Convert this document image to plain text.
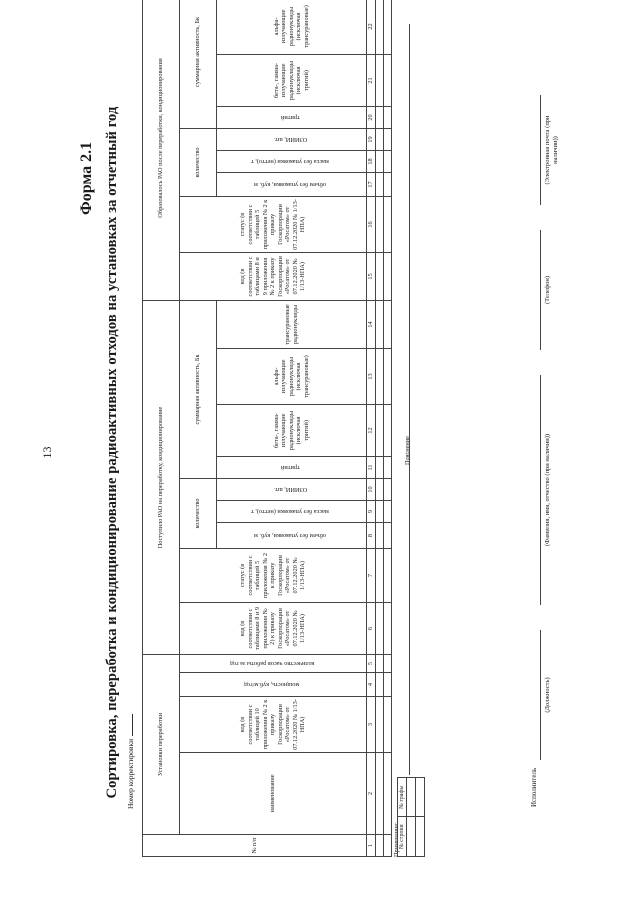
13
Форма 2.1 Сортировка, переработка и кондиционирование радиоактивных отходов на установках за отчетный год Номер корректировки
№ п/п	Установки переработки				Поступило РАО на переработку, кондиционирование									Образовалось РАО после переработки, кондиционирования								
	наименование	код (в соответствии с таблицей 10 приложения № 2 к приказу Госкорпорации «Росатом» от 07.12.2020 № 1/13-НПА)	мощность, куб.м/год	количество часов работы за год	код (в соответствии с таблицами 8 и 9 приложения № 2) к приказу Госкорпорации «Росатом» от 07.12.2020 № 1/13-НПА)	статус (в соответствии с таблицей 5 приложения № 2 к приказу Госкорпорации «Росатом» от 07.12.2020 № 1/13-НПА)	количество			суммарная активность, Бк				код (в соответствии с таблицами 8 и 9 приложения № 2 к приказу Госкорпорации «Росатом» от 07.12.2020 № 1/13-НПА)	статус (в соответствии с таблицей 5 приложения № 2 к приказу Госкорпорации «Росатом» от 07.12.2020 № 1/13-НПА)	количество			суммарная активность, Бк			
							объем без упаковки, куб. м	масса без упаковки (нетто), т	ОЗИИИ, шт.	тритий	бета-, гамма- излучающие радионуклиды (исключая тритий)	альфа-излучающие радионуклиды (исключая трансурановые)	трансурановые радионуклиды			объем без упаковки, куб. м	масса без упаковки (нетто), т	ОЗИИИ, шт.	тритий	бета-, гамма- излучающие радионуклиды (исключая тритий)	альфа-излучающие радионуклиды (исключая трансурановые)	
1	2	3	4	5	6	7	8	9	10	11	12	13	14	15	16	17	18	19	20	21	22	

Примечание: № строки	№ графы

Пояснение
Исполнитель
(Должность)
(Фамилия, имя, отчество (при наличии))
(Телефон)
(Электронная почта (при наличии))
